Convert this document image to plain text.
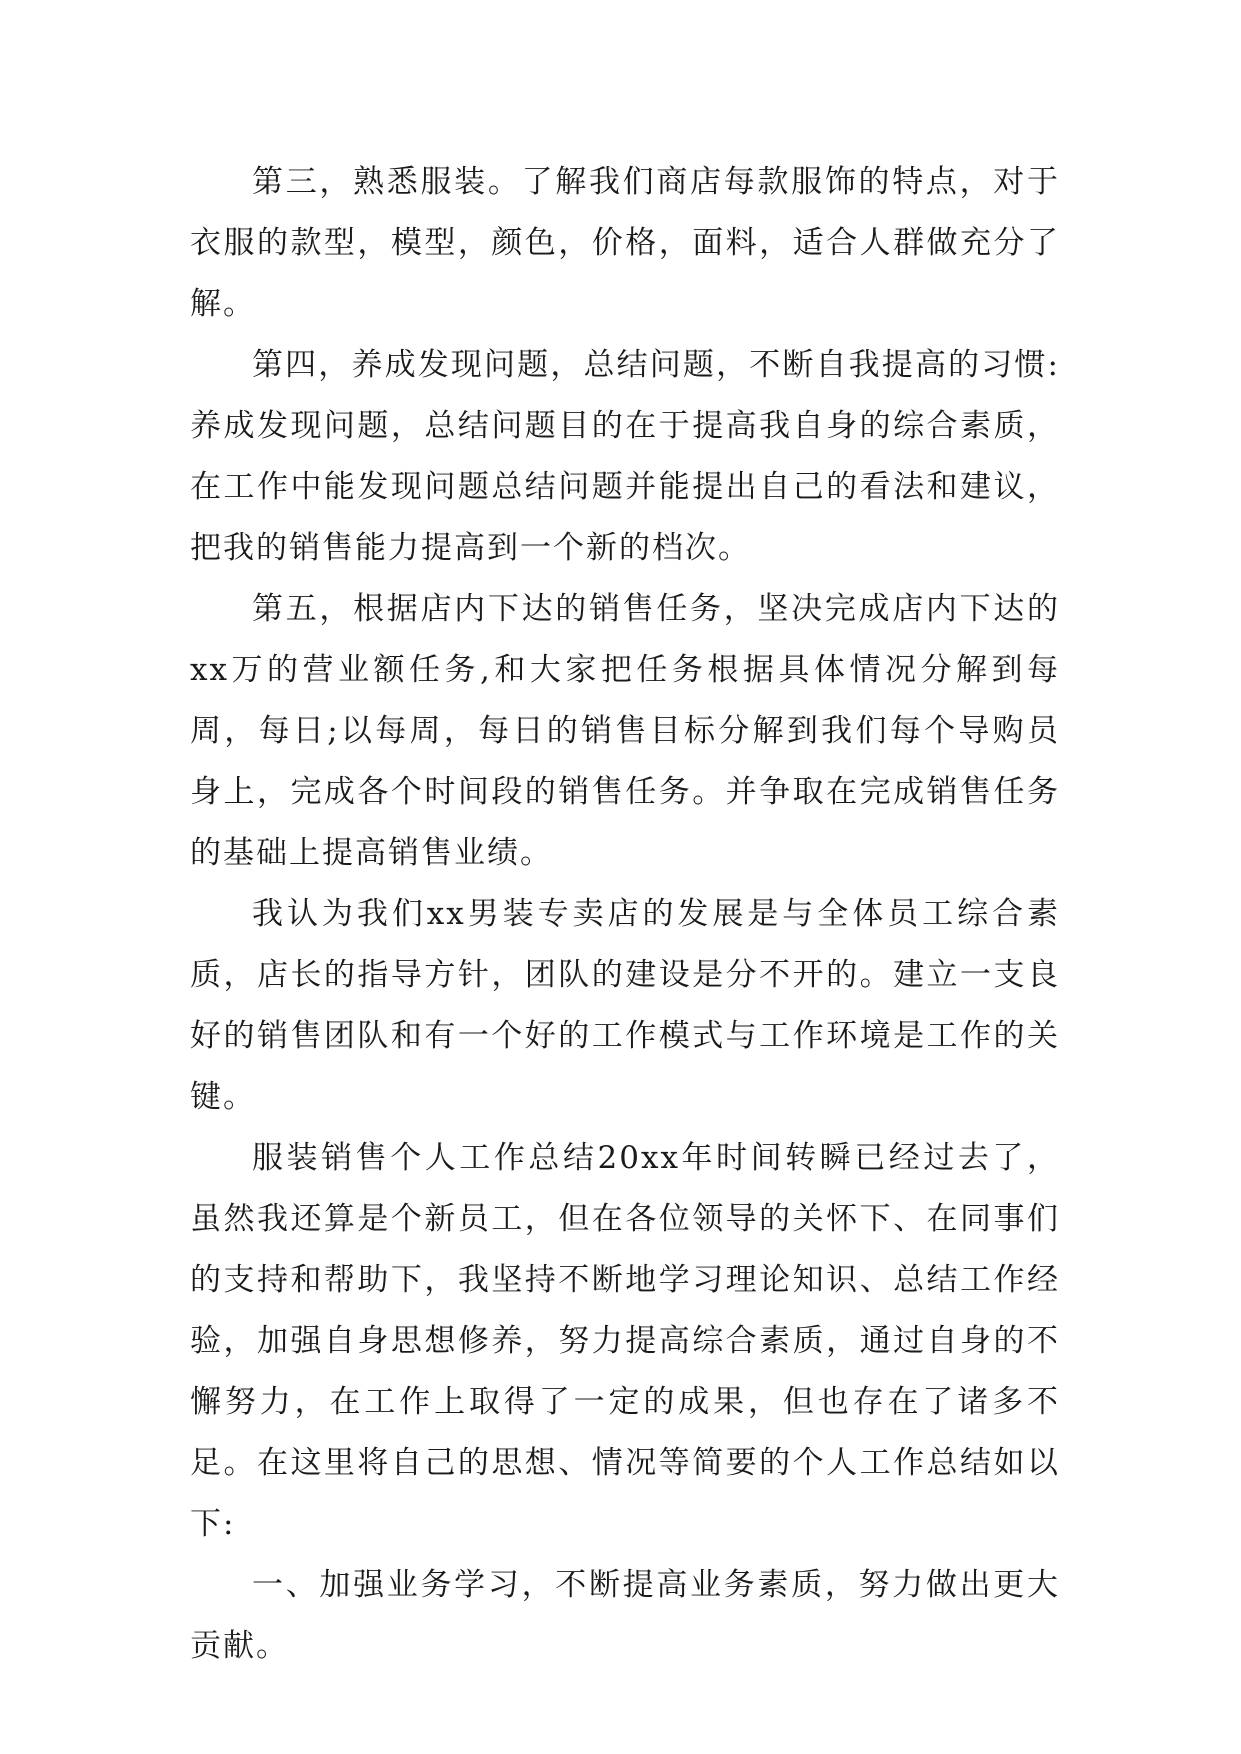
第三，熟悉服装。了解我们商店每款服饰的特点，对于衣服的款型，模型，颜色，价格，面料，适合人群做充分了解。

第四，养成发现问题，总结问题，不断自我提高的习惯:养成发现问题，总结问题目的在于提高我自身的综合素质，在工作中能发现问题总结问题并能提出自己的看法和建议，把我的销售能力提高到一个新的档次。

第五，根据店内下达的销售任务，坚决完成店内下达的xx万的营业额任务,和大家把任务根据具体情况分解到每周，每日;以每周，每日的销售目标分解到我们每个导购员身上，完成各个时间段的销售任务。并争取在完成销售任务的基础上提高销售业绩。

我认为我们xx男装专卖店的发展是与全体员工综合素质，店长的指导方针，团队的建设是分不开的。建立一支良好的销售团队和有一个好的工作模式与工作环境是工作的关键。

服装销售个人工作总结20xx年时间转瞬已经过去了，虽然我还算是个新员工，但在各位领导的关怀下、在同事们的支持和帮助下，我坚持不断地学习理论知识、总结工作经验，加强自身思想修养，努力提高综合素质，通过自身的不懈努力，在工作上取得了一定的成果，但也存在了诸多不足。在这里将自己的思想、情况等简要的个人工作总结如以下:

一、加强业务学习，不断提高业务素质，努力做出更大贡献。
